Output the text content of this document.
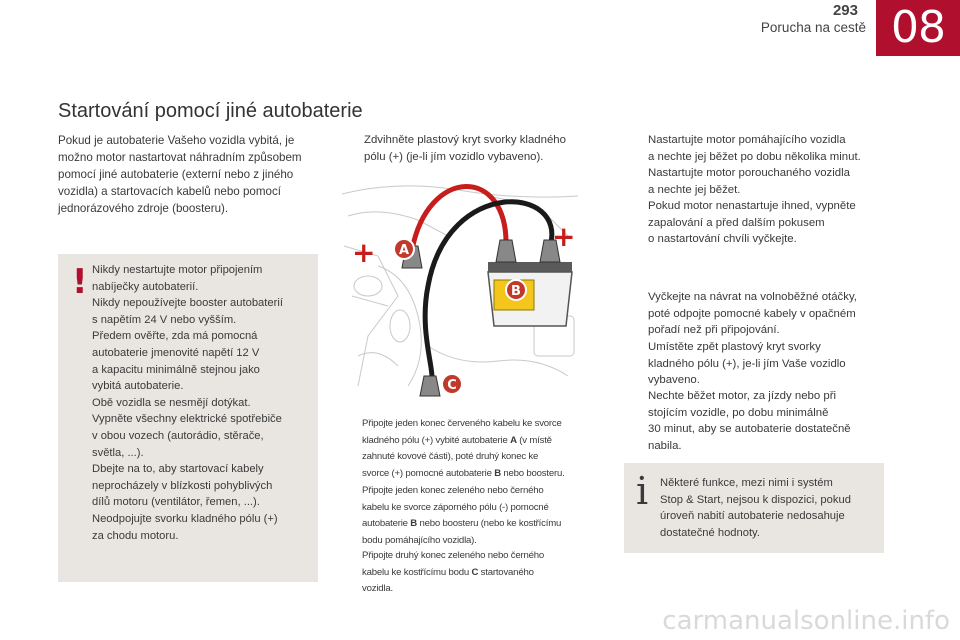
293
Porucha na cestě 08
Startování pomocí jiné autobaterie

Pokud je autobaterie Vašeho vozidla vybitá, je možno motor nastartovat náhradním způsobem pomocí jiné autobaterie (externí nebo z jiného vozidla) a startovacích kabelů nebo pomocí jednorázového zdroje (boosteru).

! Nikdy nestartujte motor připojením
nabíječky autobaterií.
Nikdy nepoužívejte booster autobaterií
s napětím 24 V nebo vyšším.
Předem ověřte, zda má pomocná
autobaterie jmenovité napětí 12 V
a kapacitu minimálně stejnou jako
vybitá autobaterie.
Obě vozidla se nesmějí dotýkat.
Vypněte všechny elektrické spotřebiče
v obou vozech (autorádio, stěrače,
světla, ...).
Dbejte na to, aby startovací kabely
neprocházely v blízkosti pohyblivých
dílů motoru (ventilátor, řemen, ...).
Neodpojujte svorku kladného pólu (+)
za chodu motoru.

Zdvihněte plastový kryt svorky kladného
pólu (+) (je-li jím vozidlo vybaveno).
+	+
A
B
C
Připojte jeden konec červeného kabelu ke svorce
kladného pólu (+) vybité autobaterie A (v místě
zahnuté kovové části), poté druhý konec ke
svorce (+) pomocné autobaterie B nebo boosteru.
Připojte jeden konec zeleného nebo černého
kabelu ke svorce záporného pólu (-) pomocné
autobaterie B nebo boosteru (nebo ke kostřícímu
bodu pomáhajícího vozidla).
Připojte druhý konec zeleného nebo černého
kabelu ke kostřícímu bodu C startovaného
vozidla.
Nastartujte motor pomáhajícího vozidla
a nechte jej běžet po dobu několika minut.
Nastartujte motor porouchaného vozidla
a nechte jej běžet.
Pokud motor nenastartuje ihned, vypněte
zapalování a před dalším pokusem
o nastartování chvíli vyčkejte.
Vyčkejte na návrat na volnoběžné otáčky,
poté odpojte pomocné kabely v opačném
pořadí než při připojování.
Umístěte zpět plastový kryt svorky
kladného pólu (+), je-li jím Vaše vozidlo
vybaveno.
Nechte běžet motor, za jízdy nebo při
stojícím vozidle, po dobu minimálně
30 minut, aby se autobaterie dostatečně
nabila.
i Některé funkce, mezi nimi i systém
Stop & Start, nejsou k dispozici, pokud
úroveň nabití autobaterie nedosahuje
dostatečné hodnoty.

carmanualsonline.info
